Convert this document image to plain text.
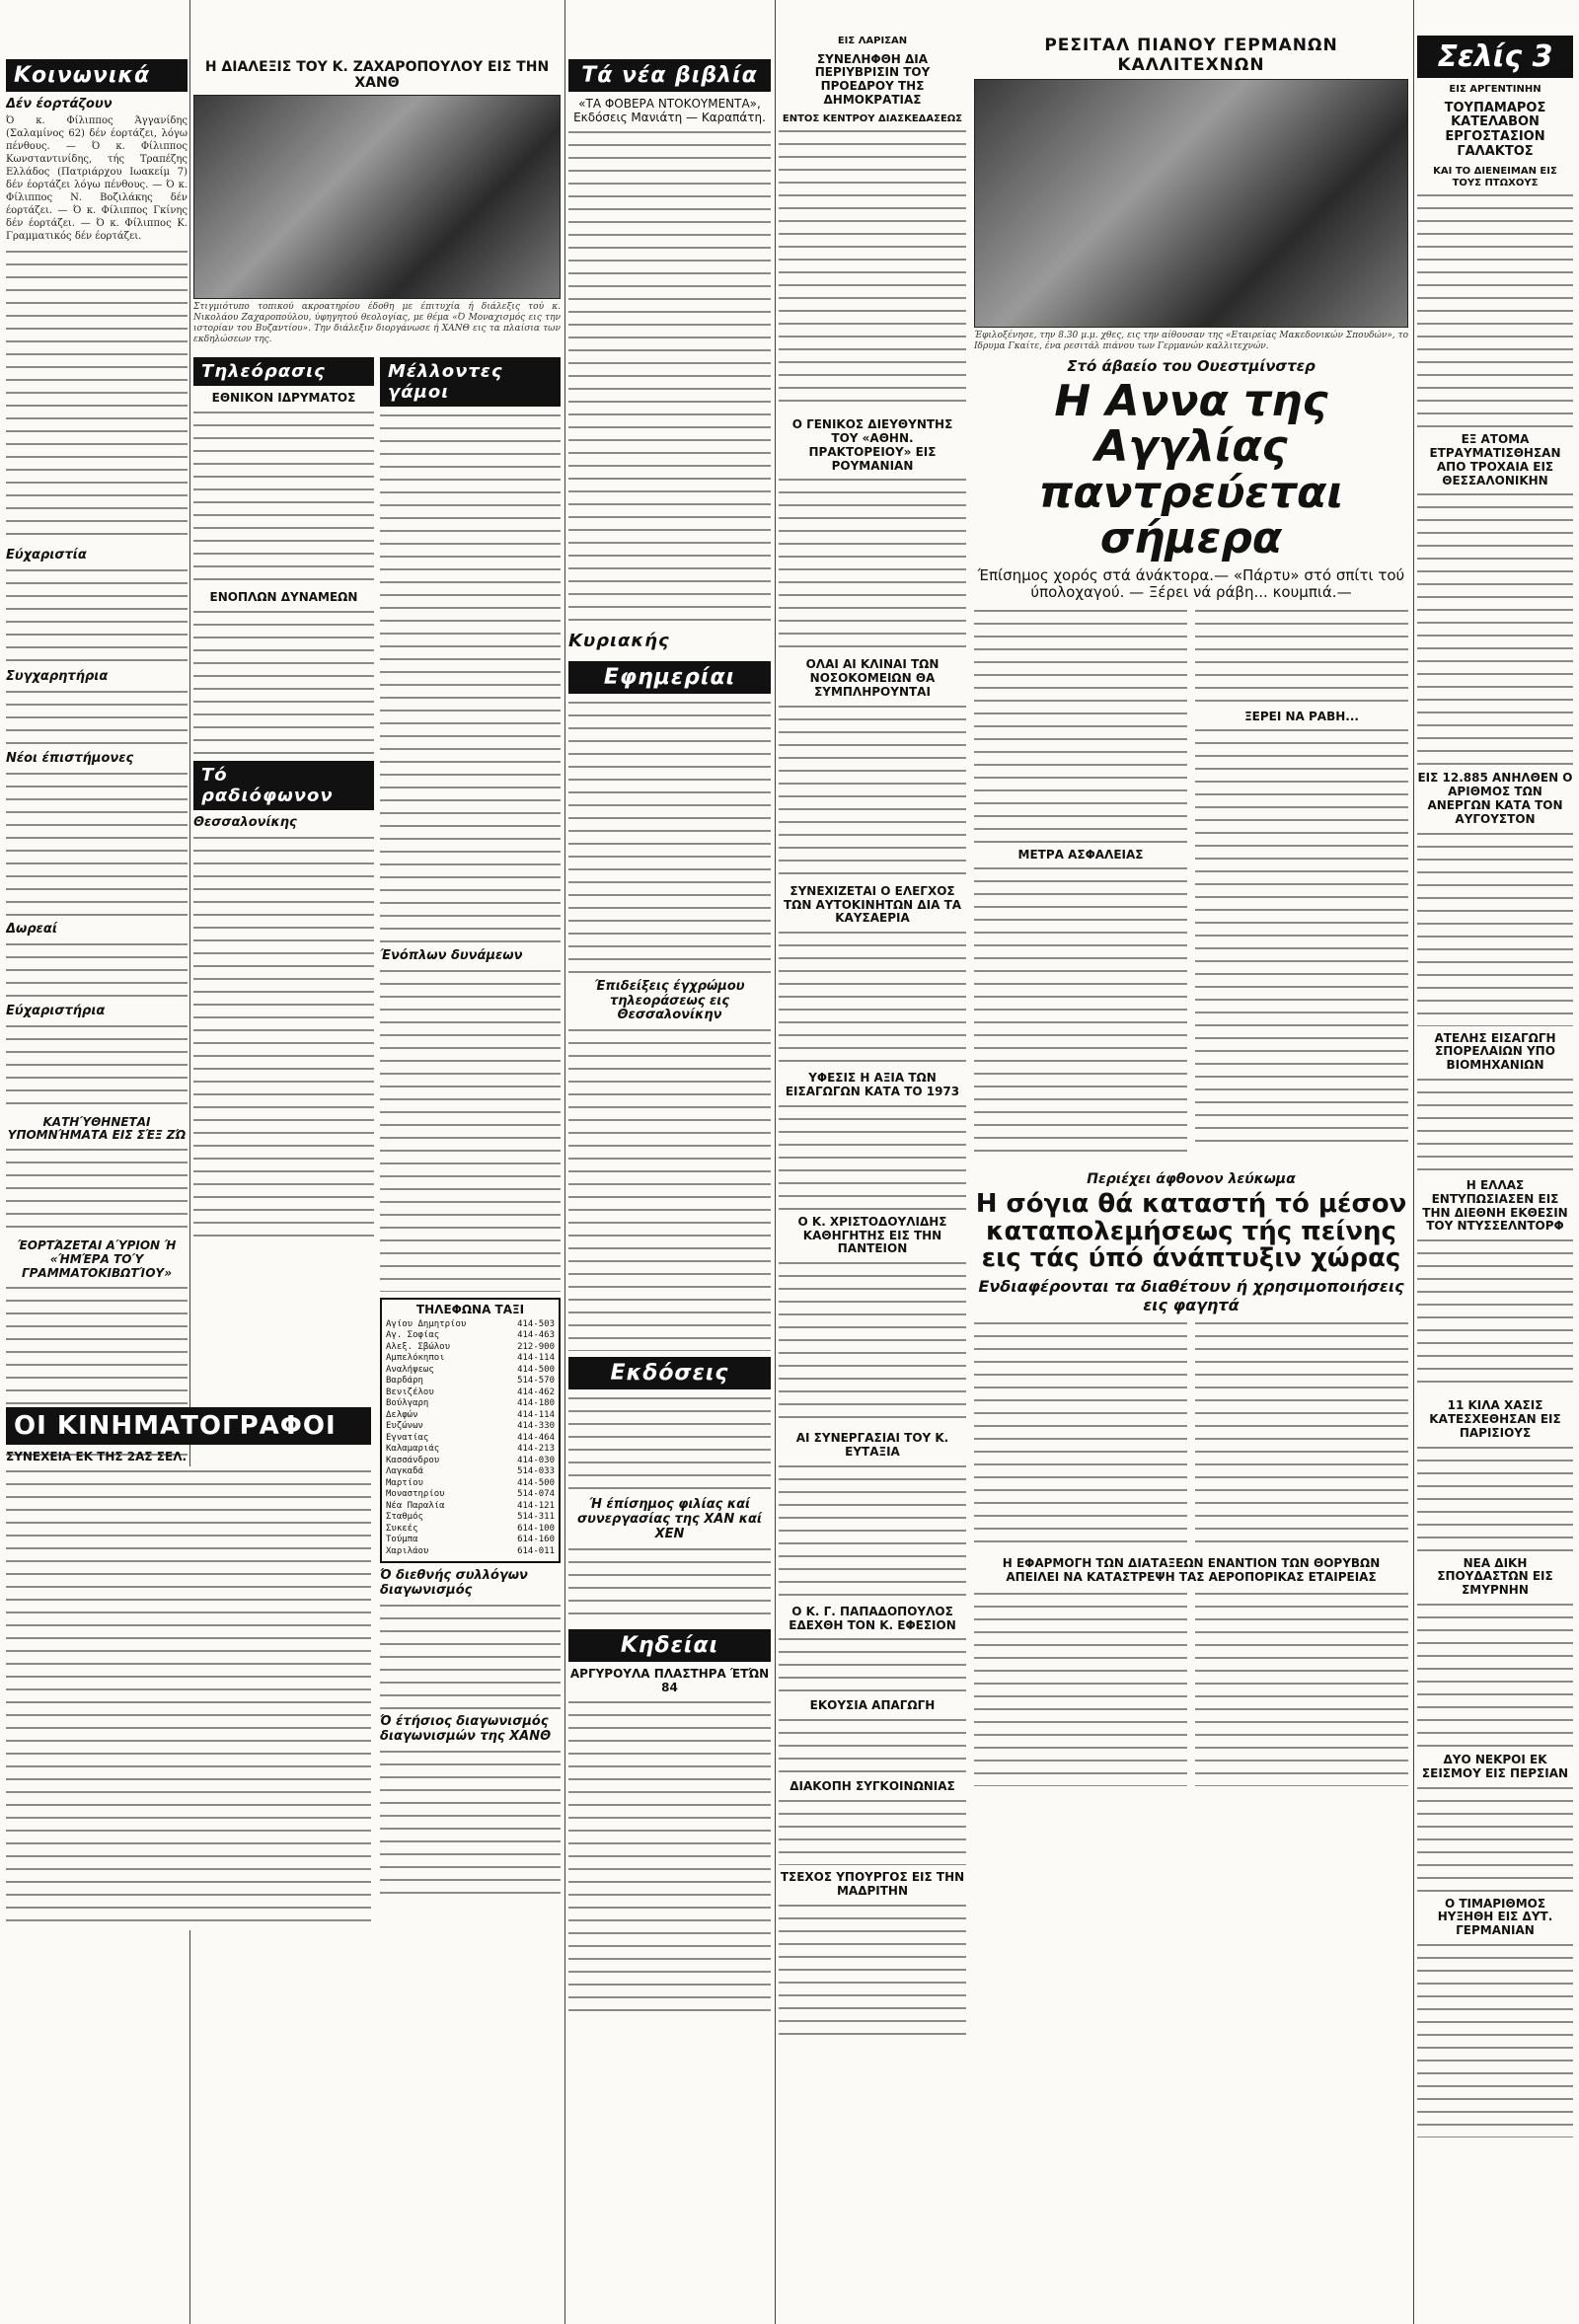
Κοινωνικά
Δέν έορτάζουν

Ό κ. Φίλιππος Άγγανίδης (Σαλαμίνος 62) δέν έορτάζει, λόγω πένθους. — Ό κ. Φίλιππος Κωνσταντινίδης, τής Τραπέζης Ελλάδος (Πατριάρχου Ιωακείμ 7) δέν έορτάζει λόγω πένθους. — Ό κ. Φίλιππος Ν. Βοζιλάκης δέν έορτάζει. — Ό κ. Φίλιππος Γκίνης δέν έορτάζει. — Ό κ. Φίλιππος Κ. Γραμματικός δέν έορτάζει.

Εύχαριστία
Συγχαρητήρια
Νέοι έπιστήμονες
Δωρεαί
Εύχαριστήρια
ΚΑΤΗΎΘΗΝΕΤΑΙ ΥΠΟΜΝΉΜΑΤΑ ΕΙΣ ΣΈΞ ΖΏ
ΈΟΡΤΆΖΕΤΑΙ ΑΎΡΙΟΝ Ή «ΉΜΈΡΑ ΤΟΎ ΓΡΑΜΜΑΤΟΚΙΒΩΤΊΟΥ»
ΟΙ ΚΙΝΗΜΑΤΟΓΡΑΦΟΙ
ΣΥΝΕΧΕΙΑ ΕΚ ΤΗΣ 2ΑΣ ΣΕΛ.
Η ΔΙΑΛΕΞΙΣ ΤΟΥ Κ. ΖΑΧΑΡΟΠΟΥΛΟΥ ΕΙΣ ΤΗΝ ΧΑΝΘ

Στιγμιότυπο τοπικού ακροατηρίου έδοθη με έπιτυχία ή διάλεξις τού κ. Νικολάου Ζαχαροπούλου, ύφηγητού θεολογίας, με θέμα «Ό Μοναχισμός εις την ιστορίαν του Βυζαντίου». Την διάλεξιν διοργάνωσε ή ΧΑΝΘ εις τα πλαίσια των εκδηλώσεων της.

Τηλεόρασις
ΕΘΝΙΚΟΝ ΙΔΡΥΜΑΤΟΣ
ΕΝΟΠΛΩΝ ΔΥΝΑΜΕΩΝ
Τό ραδιόφωνον
Θεσσαλονίκης
Μέλλοντες γάμοι
Ένόπλων δυνάμεων
ΤΗΛΕΦΩΝΑ ΤΑΞΙ
Αγίου Δημητρίου	414-503
Αγ. Σοφίας	414-463
Αλεξ. Σβώλου	212-900
Αμπελόκηποι	414-114
Αναλήψεως	414-500
Βαρδάρη	514-570
Βενιζέλου	414-462
Βούλγαρη	414-180
Δελφών	414-114
Ευζώνων	414-330
Εγνατίας	414-464
Καλαμαριάς	414-213
Κασσάνδρου	414-030
Λαγκαδά	514-033
Μαρτίου	414-500
Μοναστηρίου	514-074
Νέα Παραλία	414-121
Σταθμός	514-311
Συκεές	614-100
Τούμπα	614-160
Χαριλάου	614-011
Ό διεθνής συλλόγων διαγωνισμός
Ό έτήσιος διαγωνισμός διαγωνισμών της ΧΑΝΘ
Τά νέα βιβλία
«ΤΑ ΦΟΒΕΡΑ ΝΤΟΚΟΥΜΕΝΤΑ», Εκδόσεις Μανιάτη — Καραπάτη.
Κυριακής
Εφημερίαι
Έπιδείξεις έγχρώμου τηλεοράσεως εις Θεσσαλονίκην
Εκδόσεις
Ή έπίσημος φιλίας καί συνεργασίας της ΧΑΝ καί ΧΕΝ
Κηδείαι
ΑΡΓΥΡΟΥΛΑ ΠΛΑΣΤΗΡΑ ΈΤΏΝ 84
ΕΙΣ ΛΑΡΙΣΑΝ
ΣΥΝΕΛΗΦΘΗ ΔΙΑ ΠΕΡΙΥΒΡΙΣΙΝ ΤΟΥ ΠΡΟΕΔΡΟΥ ΤΗΣ ΔΗΜΟΚΡΑΤΙΑΣ
ΕΝΤΟΣ ΚΕΝΤΡΟΥ ΔΙΑΣΚΕΔΑΣΕΩΣ
Ο ΓΕΝΙΚΟΣ ΔΙΕΥΘΥΝΤΗΣ ΤΟΥ «ΑΘΗΝ. ΠΡΑΚΤΟΡΕΙΟΥ» ΕΙΣ ΡΟΥΜΑΝΙΑΝ
ΟΛΑΙ ΑΙ ΚΛΙΝΑΙ ΤΩΝ ΝΟΣΟΚΟΜΕΙΩΝ ΘΑ ΣΥΜΠΛΗΡΟΥΝΤΑΙ
ΣΥΝΕΧΙΖΕΤΑΙ Ο ΕΛΕΓΧΟΣ ΤΩΝ ΑΥΤΟΚΙΝΗΤΩΝ ΔΙΑ ΤΑ ΚΑΥΣΑΕΡΙΑ
ΥΦΕΣΙΣ Η ΑΞΙΑ ΤΩΝ ΕΙΣΑΓΩΓΩΝ ΚΑΤΑ ΤΟ 1973
Ο Κ. ΧΡΙΣΤΟΔΟΥΛΙΔΗΣ ΚΑΘΗΓΗΤΗΣ ΕΙΣ ΤΗΝ ΠΑΝΤΕΙΟΝ
ΑΙ ΣΥΝΕΡΓΑΣΙΑΙ ΤΟΥ Κ. ΕΥΤΑΞΙΑ
Ο Κ. Γ. ΠΑΠΑΔΟΠΟΥΛΟΣ ΕΔΕΧΘΗ ΤΟΝ Κ. ΕΦΕΣΙΟΝ
ΕΚΟΥΣΙΑ ΑΠΑΓΩΓΗ
ΔΙΑΚΟΠΗ ΣΥΓΚΟΙΝΩΝΙΑΣ
ΤΣΕΧΟΣ ΥΠΟΥΡΓΟΣ ΕΙΣ ΤΗΝ ΜΑΔΡΙΤΗΝ
ΡΕΣΙΤΑΛ ΠΙΑΝΟΥ ΓΕΡΜΑΝΩΝ ΚΑΛΛΙΤΕΧΝΩΝ

Έφιλοξένησε, την 8.30 μ.μ. χθες, εις την αίθουσαν της «Εταιρείας Μακεδονικών Σπουδών», το Ιδρυμα Γκαίτε, ένα ρεσιτάλ πιάνου των Γερμανών καλλιτεχνών.

Στό άβαείο του Ουεστμίνστερ
Η Αννα της Αγγλίας παντρεύεται σήμερα
Έπίσημος χορός στά άνάκτορα.— «Πάρτυ» στό σπίτι τού ύπολοχαγού. — Ξέρει νά ράβη... κουμπιά.—
ΜΕΤΡΑ ΑΣΦΑΛΕΙΑΣ
ΞΕΡΕΙ ΝΑ ΡΑΒΗ...
Περιέχει άφθονον λεύκωμα
Η σόγια θά καταστή τό μέσον καταπολεμήσεως τής πείνης εις τάς ύπό άνάπτυξιν χώρας
Ενδιαφέρονται τα διαθέτουν ή χρησιμοποιήσεις εις φαγητά
Η ΕΦΑΡΜΟΓΗ ΤΩΝ ΔΙΑΤΑΞΕΩΝ ΕΝΑΝΤΙΟΝ ΤΩΝ ΘΟΡΥΒΩΝ ΑΠΕΙΛΕΙ ΝΑ ΚΑΤΑΣΤΡΕΨΗ ΤΑΣ ΑΕΡΟΠΟΡΙΚΑΣ ΕΤΑΙΡΕΙΑΣ
Σελίς 3
ΕΙΣ ΑΡΓΕΝΤΙΝΗΝ
ΤΟΥΠΑΜΑΡΟΣ ΚΑΤΕΛΑΒΟΝ ΕΡΓΟΣΤΑΣΙΟΝ ΓΑΛΑΚΤΟΣ
ΚΑΙ ΤΟ ΔΙΕΝΕΙΜΑΝ ΕΙΣ ΤΟΥΣ ΠΤΩΧΟΥΣ
ΕΞ ΑΤΟΜΑ ΕΤΡΑΥΜΑΤΙΣΘΗΣΑΝ ΑΠΟ ΤΡΟΧΑΙΑ ΕΙΣ ΘΕΣΣΑΛΟΝΙΚΗΝ
ΕΙΣ 12.885 ΑΝΗΛΘΕΝ Ο ΑΡΙΘΜΟΣ ΤΩΝ ΑΝΕΡΓΩΝ ΚΑΤΑ ΤΟΝ ΑΥΓΟΥΣΤΟΝ
ΑΤΕΛΗΣ ΕΙΣΑΓΩΓΗ ΣΠΟΡΕΛΑΙΩΝ ΥΠΟ ΒΙΟΜΗΧΑΝΙΩΝ
Η ΕΛΛΑΣ ΕΝΤΥΠΩΣΙΑΣΕΝ ΕΙΣ ΤΗΝ ΔΙΕΘΝΗ ΕΚΘΕΣΙΝ ΤΟΥ ΝΤΥΣΣΕΛΝΤΟΡΦ
11 ΚΙΛΑ ΧΑΣΙΣ ΚΑΤΕΣΧΕΘΗΣΑΝ ΕΙΣ ΠΑΡΙΣΙΟΥΣ
ΝΕΑ ΔΙΚΗ ΣΠΟΥΔΑΣΤΩΝ ΕΙΣ ΣΜΥΡΝΗΝ
ΔΥΟ ΝΕΚΡΟΙ ΕΚ ΣΕΙΣΜΟΥ ΕΙΣ ΠΕΡΣΙΑΝ
Ο ΤΙΜΑΡΙΘΜΟΣ ΗΥΞΗΘΗ ΕΙΣ ΔΥΤ. ΓΕΡΜΑΝΙΑΝ
